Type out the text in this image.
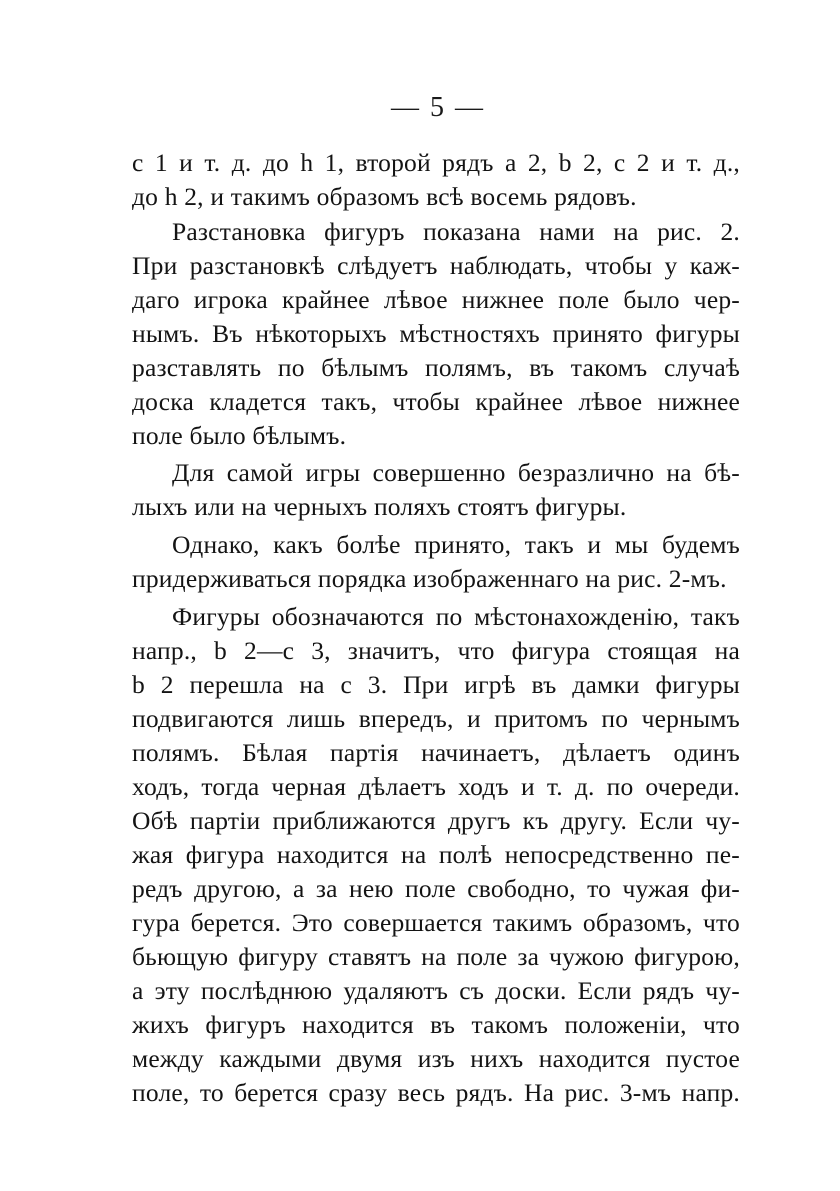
— 5 —
с 1 и т. д. до h 1, второй рядъ а 2, b 2, с 2 и т. д.,
до h 2, и такимъ образомъ всѣ восемь рядовъ.
Разстановка фигуръ показана нами на рис. 2.
При разстановкѣ слѣдуетъ наблюдать, чтобы у каж-
даго игрока крайнее лѣвое нижнее поле было чер-
нымъ. Въ нѣкоторыхъ мѣстностяхъ принято фигуры
разставлять по бѣлымъ полямъ, въ такомъ случаѣ
доска кладется такъ, чтобы крайнее лѣвое нижнее
поле было бѣлымъ.
Для самой игры совершенно безразлично на бѣ-
лыхъ или на черныхъ поляхъ стоятъ фигуры.
Однако, какъ болѣе принято, такъ и мы будемъ
придерживаться порядка изображеннаго на рис. 2-мъ.
Фигуры обозначаются по мѣстонахожденію, такъ
напр., b 2—с 3, значитъ, что фигура стоящая на
b 2 перешла на с 3. При игрѣ въ дамки фигуры
подвигаются лишь впередъ, и притомъ по чернымъ
полямъ. Бѣлая партія начинаетъ, дѣлаетъ одинъ
ходъ, тогда черная дѣлаетъ ходъ и т. д. по очереди.
Обѣ партіи приближаются другъ къ другу. Если чу-
жая фигура находится на полѣ непосредственно пе-
редъ другою, а за нею поле свободно, то чужая фи-
гура берется. Это совершается такимъ образомъ, что
бьющую фигуру ставятъ на поле за чужою фигурою,
а эту послѣднюю удаляютъ съ доски. Если рядъ чу-
жихъ фигуръ находится въ такомъ положеніи, что
между каждыми двумя изъ нихъ находится пустое
поле, то берется сразу весь рядъ. На рис. 3-мъ напр.
